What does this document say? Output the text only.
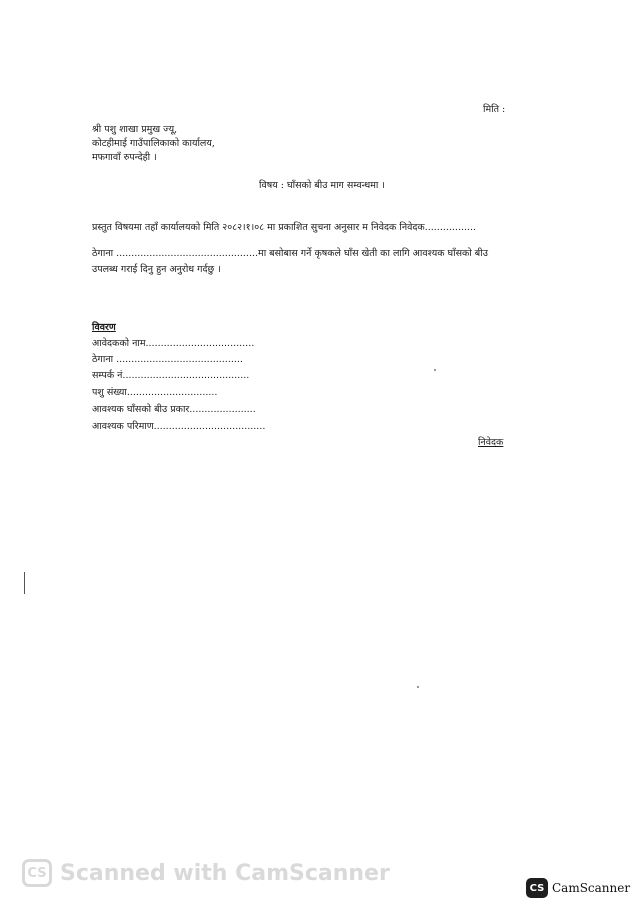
मिति :
श्री पशु शाखा प्रमुख ज्यू,
कोटहीमाई गाउँपालिकाको कार्यालय,
मफगावाँ रुपन्देही ।
विषय : घाँसको बीउ माग सम्वन्धमा ।
प्रस्तुत विषयमा तहाँ कार्यालयको मिति २०८२।१।०८ मा प्रकाशित सुचना अनुसार म निवेदक निवेदक.................
ठेगाना ...............................................मा बसोबास गर्ने कृषकले घाँस खेती का लागि आवश्यक घाँसको बीउ
उपलब्ध गराई दिनु हुन अनुरोध गर्दछु ।
विवरण
आवेदकको नाम....................................
ठेगाना ..........................................
सम्पर्क नं..........................................
पशु संख्या..............................
आवश्यक घाँसको बीउ प्रकार......................
आवश्यक परिमाण.....................................
निवेदक
CS Scanned with CamScanner
CS CamScanner
